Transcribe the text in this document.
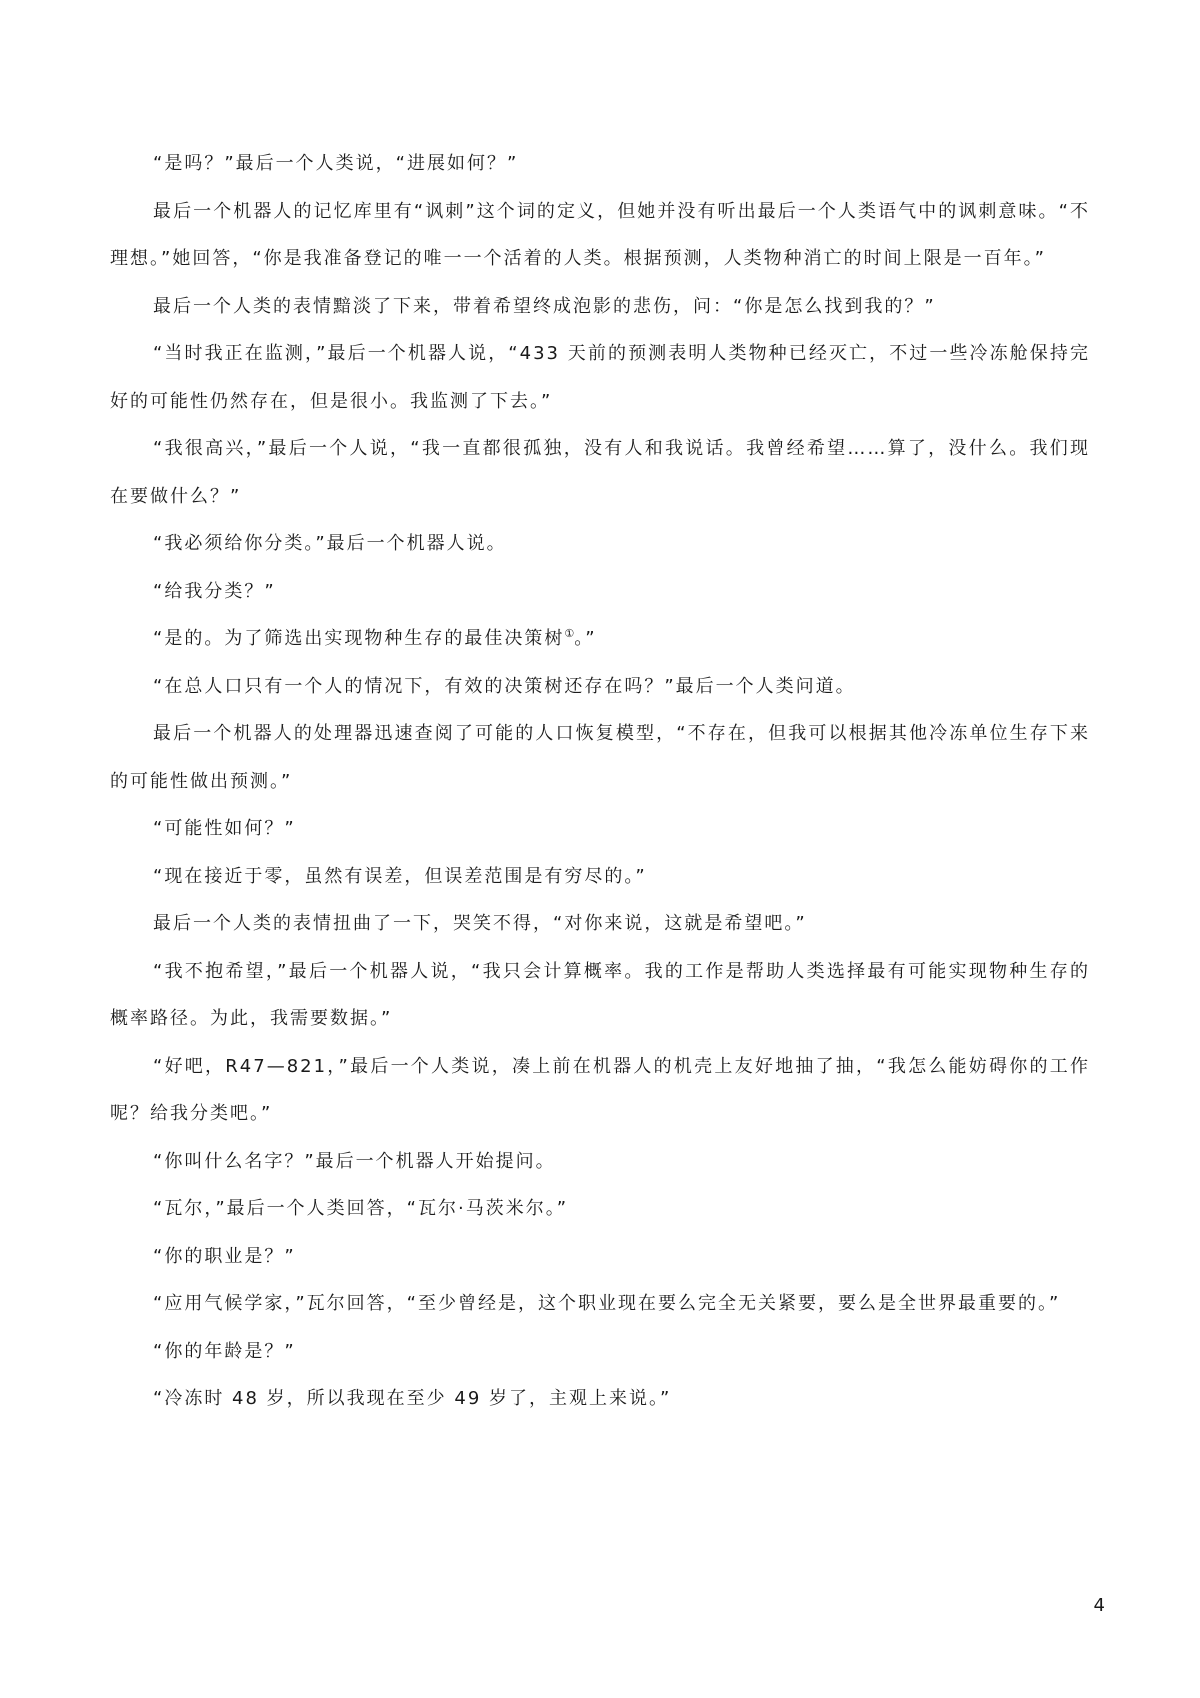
“是吗？”最后一个人类说，“进展如何？”

最后一个机器人的记忆库里有“讽刺”这个词的定义，但她并没有听出最后一个人类语气中的讽刺意味。“不理想。”她回答，“你是我准备登记的唯一一个活着的人类。根据预测，人类物种消亡的时间上限是一百年。”

最后一个人类的表情黯淡了下来，带着希望终成泡影的悲伤，问：“你是怎么找到我的？”

“当时我正在监测，”最后一个机器人说，“433 天前的预测表明人类物种已经灭亡，不过一些冷冻舱保持完好的可能性仍然存在，但是很小。我监测了下去。”

“我很高兴，”最后一个人说，“我一直都很孤独，没有人和我说话。我曾经希望……算了，没什么。我们现在要做什么？”

“我必须给你分类。”最后一个机器人说。

“给我分类？”

“是的。为了筛选出实现物种生存的最佳决策树①。”

“在总人口只有一个人的情况下，有效的决策树还存在吗？”最后一个人类问道。

最后一个机器人的处理器迅速查阅了可能的人口恢复模型，“不存在，但我可以根据其他冷冻单位生存下来的可能性做出预测。”

“可能性如何？”

“现在接近于零，虽然有误差，但误差范围是有穷尽的。”

最后一个人类的表情扭曲了一下，哭笑不得，“对你来说，这就是希望吧。”

“我不抱希望，”最后一个机器人说，“我只会计算概率。我的工作是帮助人类选择最有可能实现物种生存的概率路径。为此，我需要数据。”

“好吧，R47—821，”最后一个人类说，凑上前在机器人的机壳上友好地抽了抽，“我怎么能妨碍你的工作呢？给我分类吧。”

“你叫什么名字？”最后一个机器人开始提问。

“瓦尔，”最后一个人类回答，“瓦尔·马茨米尔。”

“你的职业是？”

“应用气候学家，”瓦尔回答，“至少曾经是，这个职业现在要么完全无关紧要，要么是全世界最重要的。”

“你的年龄是？”

“冷冻时 48 岁，所以我现在至少 49 岁了，主观上来说。”

4
